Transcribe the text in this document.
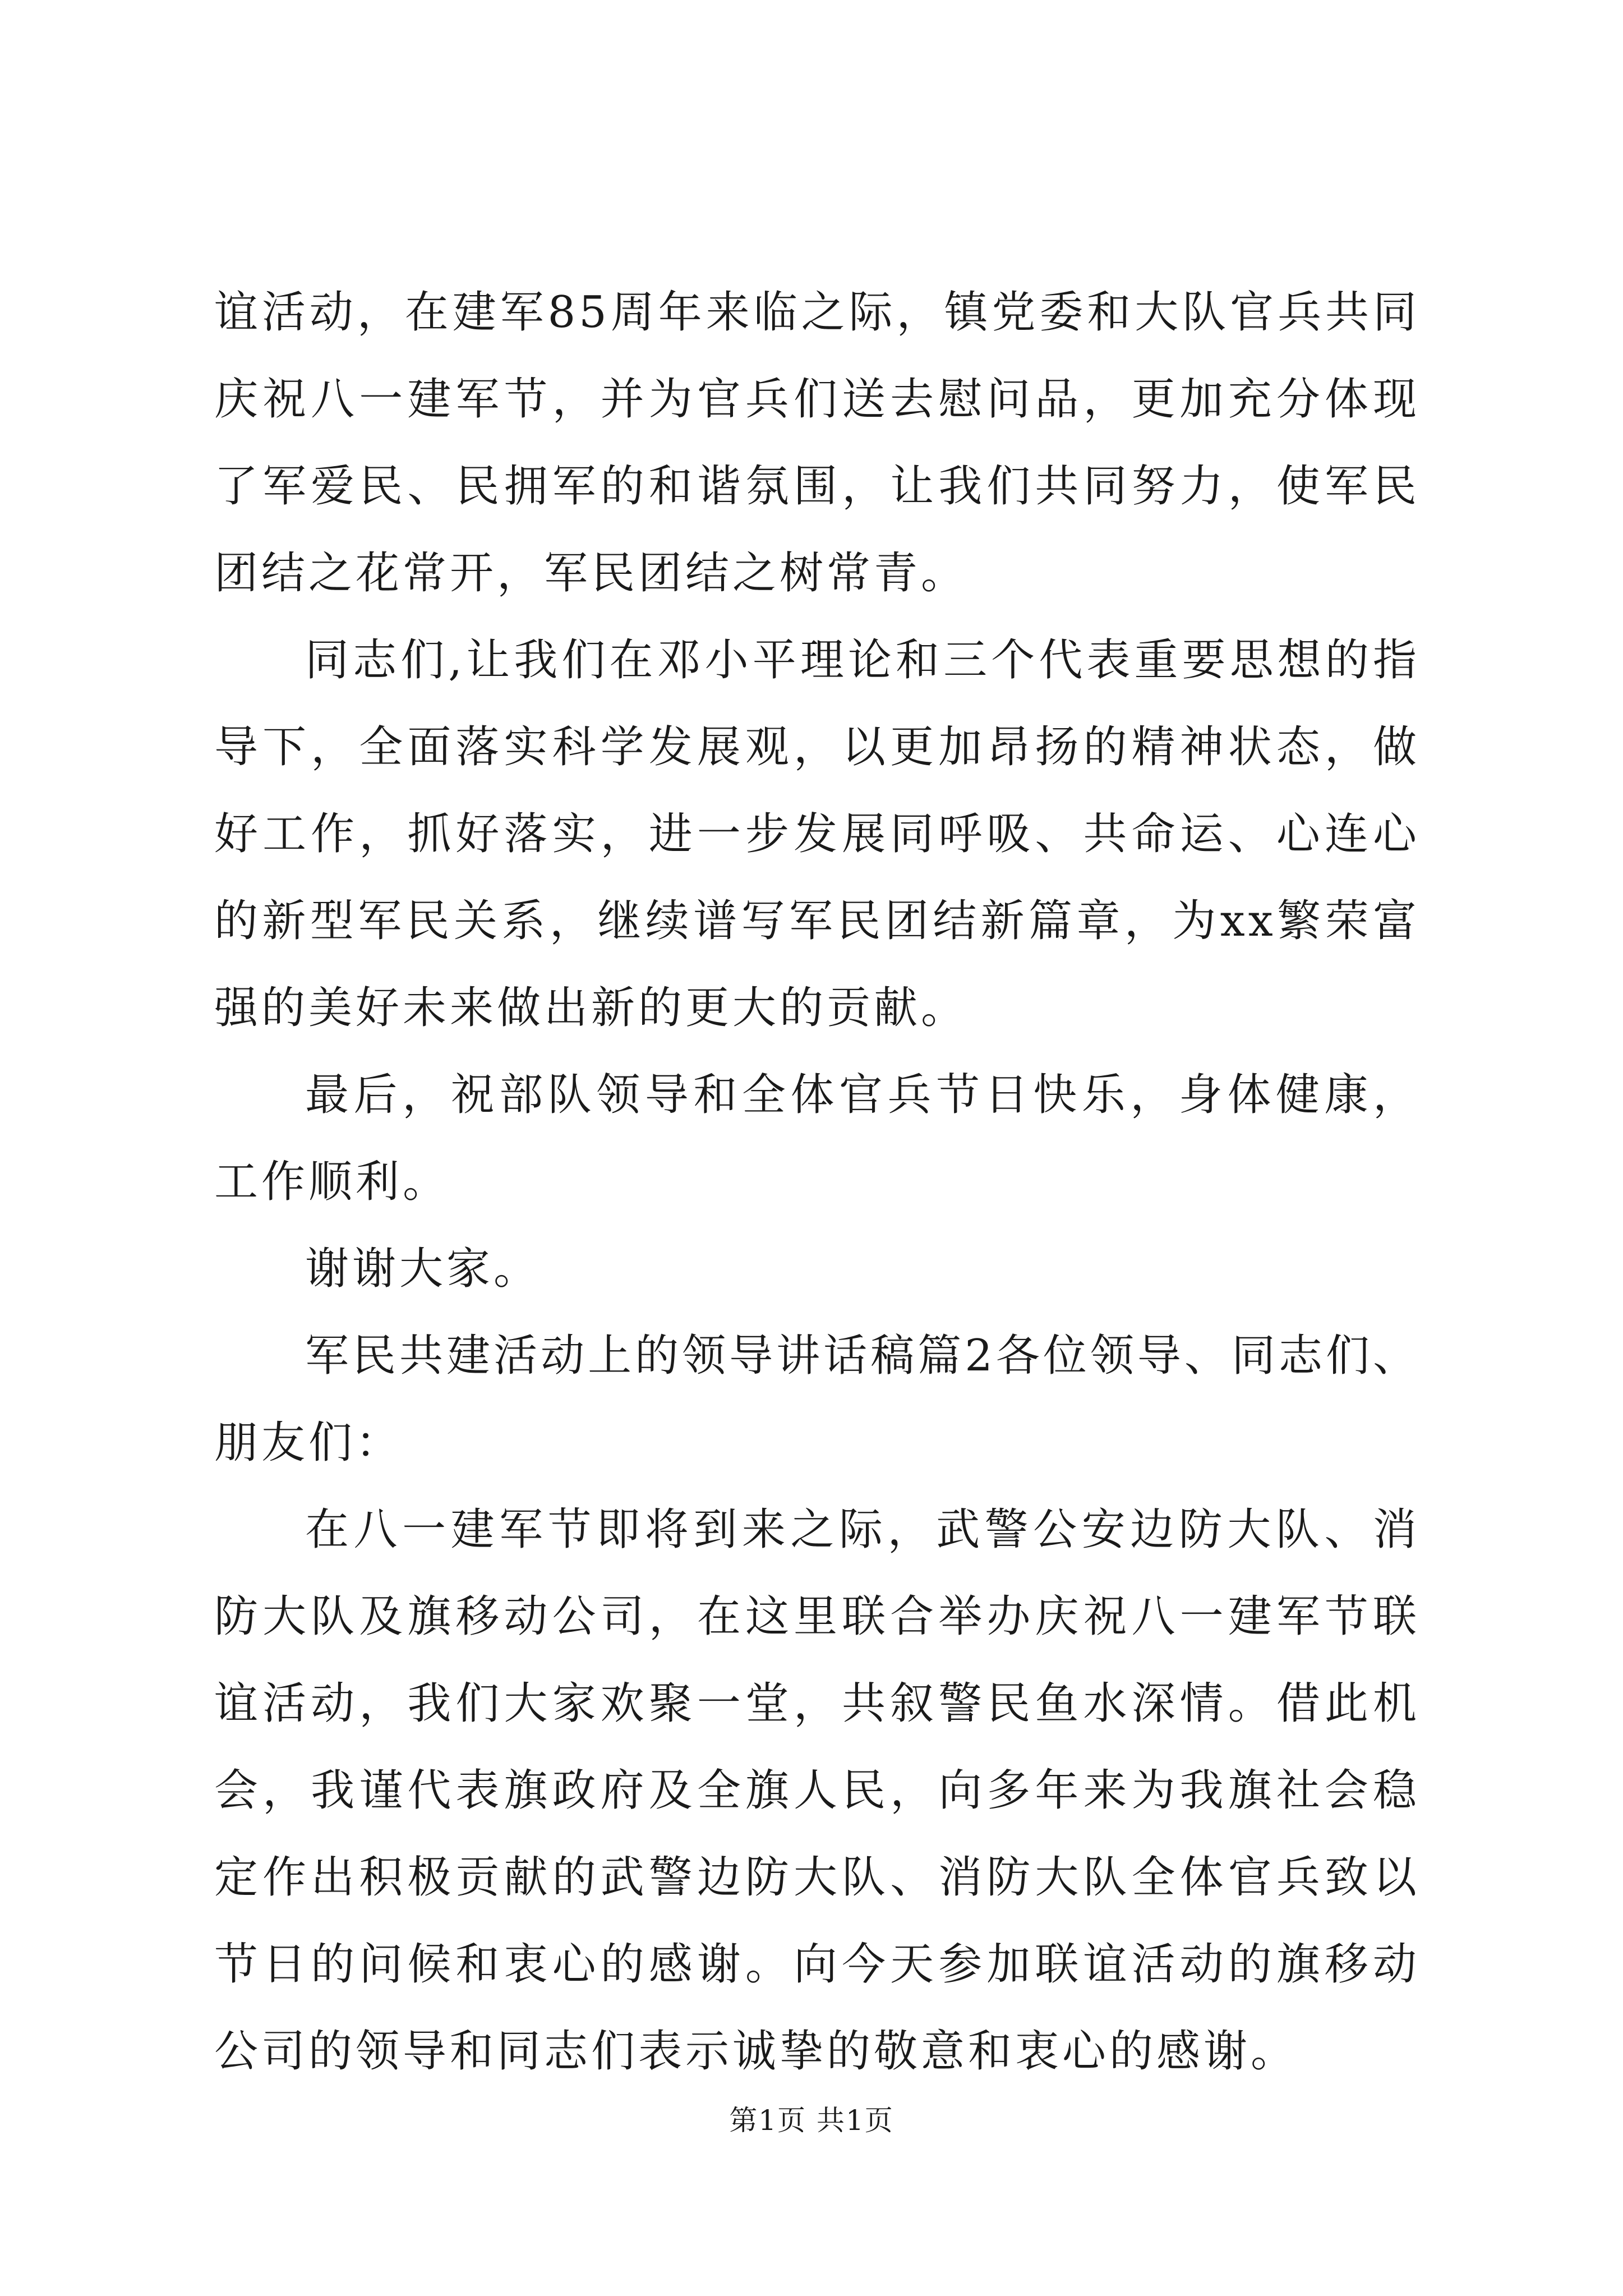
谊活动，在建军85周年来临之际，镇党委和大队官兵共同庆祝八一建军节，并为官兵们送去慰问品，更加充分体现了军爱民、民拥军的和谐氛围，让我们共同努力，使军民团结之花常开，军民团结之树常青。

同志们,让我们在邓小平理论和三个代表重要思想的指导下，全面落实科学发展观，以更加昂扬的精神状态，做好工作，抓好落实，进一步发展同呼吸、共命运、心连心的新型军民关系，继续谱写军民团结新篇章，为xx繁荣富强的美好未来做出新的更大的贡献。

最后，祝部队领导和全体官兵节日快乐，身体健康，工作顺利。

谢谢大家。

军民共建活动上的领导讲话稿篇2各位领导、同志们、朋友们：

在八一建军节即将到来之际，武警公安边防大队、消防大队及旗移动公司，在这里联合举办庆祝八一建军节联谊活动，我们大家欢聚一堂，共叙警民鱼水深情。借此机会，我谨代表旗政府及全旗人民，向多年来为我旗社会稳定作出积极贡献的武警边防大队、消防大队全体官兵致以节日的问候和衷心的感谢。向今天参加联谊活动的旗移动公司的领导和同志们表示诚挚的敬意和衷心的感谢。

第1页 共1页
